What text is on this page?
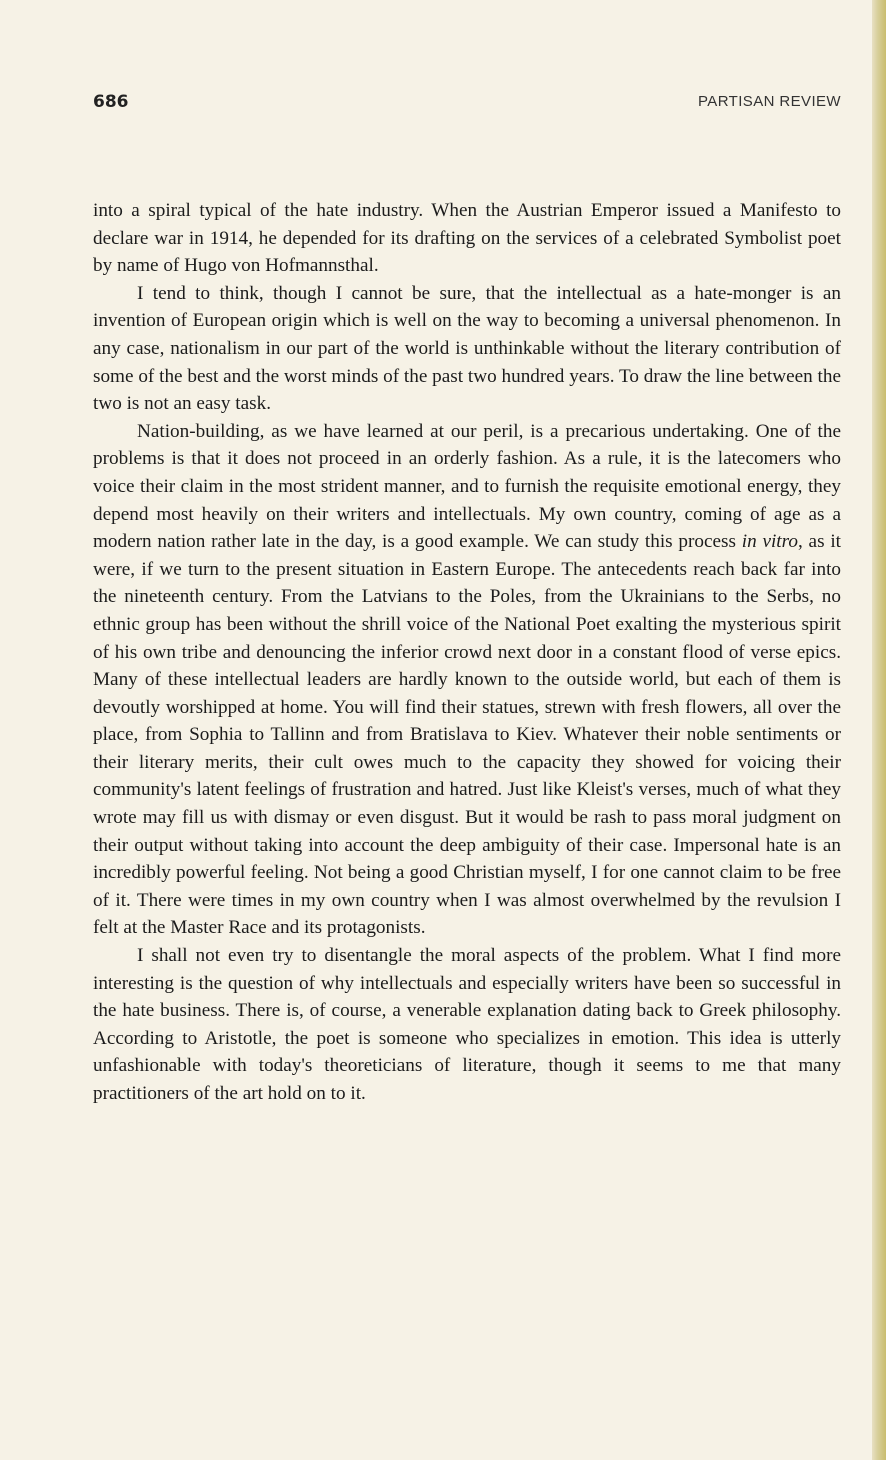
686	PARTISAN REVIEW

into a spiral typical of the hate industry. When the Austrian Emperor issued a Manifesto to declare war in 1914, he depended for its drafting on the services of a celebrated Symbolist poet by name of Hugo von Hofmannsthal.

I tend to think, though I cannot be sure, that the intellectual as a hate-monger is an invention of European origin which is well on the way to becoming a universal phenomenon. In any case, nationalism in our part of the world is unthinkable without the literary contribution of some of the best and the worst minds of the past two hundred years. To draw the line between the two is not an easy task.

Nation-building, as we have learned at our peril, is a precarious undertaking. One of the problems is that it does not proceed in an orderly fashion. As a rule, it is the latecomers who voice their claim in the most strident manner, and to furnish the requisite emotional energy, they depend most heavily on their writers and intellectuals. My own country, coming of age as a modern nation rather late in the day, is a good example. We can study this process in vitro, as it were, if we turn to the present situation in Eastern Europe. The antecedents reach back far into the nineteenth century. From the Latvians to the Poles, from the Ukrainians to the Serbs, no ethnic group has been without the shrill voice of the National Poet exalting the mysterious spirit of his own tribe and denouncing the inferior crowd next door in a constant flood of verse epics. Many of these intellectual leaders are hardly known to the outside world, but each of them is devoutly worshipped at home. You will find their statues, strewn with fresh flowers, all over the place, from Sophia to Tallinn and from Bratislava to Kiev. Whatever their noble sentiments or their literary merits, their cult owes much to the capacity they showed for voicing their community's latent feelings of frustration and hatred. Just like Kleist's verses, much of what they wrote may fill us with dismay or even disgust. But it would be rash to pass moral judgment on their output without taking into account the deep ambiguity of their case. Impersonal hate is an incredibly powerful feeling. Not being a good Christian myself, I for one cannot claim to be free of it. There were times in my own country when I was almost overwhelmed by the revulsion I felt at the Master Race and its protagonists.

I shall not even try to disentangle the moral aspects of the problem. What I find more interesting is the question of why intellectuals and especially writers have been so successful in the hate business. There is, of course, a venerable explanation dating back to Greek philosophy. According to Aristotle, the poet is someone who specializes in emotion. This idea is utterly unfashionable with today's theoreticians of literature, though it seems to me that many practitioners of the art hold on to it.
